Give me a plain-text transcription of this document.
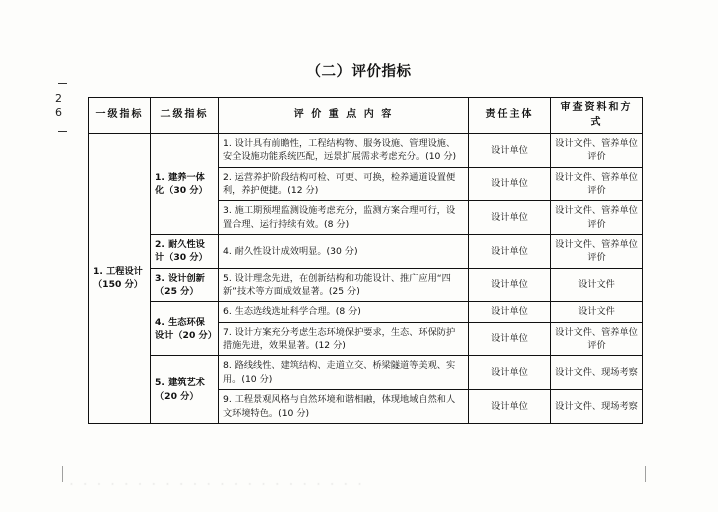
26
（二）评价指标
一级指标	二级指标	评 价 重 点 内 容	责任主体	审查资料和方式
1. 工程设计（150 分）	1. 建养一体化（30 分）	1. 设计具有前瞻性，工程结构物、服务设施、管理设施、安全设施功能系统匹配，远景扩展需求考虑充分。(10 分)	设计单位	设计文件、管养单位评价
		2. 运营养护阶段结构可检、可更、可换，检养通道设置便利，养护便捷。(12 分)	设计单位	设计文件、管养单位评价
		3. 施工期预埋监测设施考虑充分，监测方案合理可行，设置合理、运行持续有效。(8 分)	设计单位	设计文件、管养单位评价
	2. 耐久性设计（30 分）	4. 耐久性设计成效明显。(30 分)	设计单位	设计文件、管养单位评价
	3. 设计创新（25 分）	5. 设计理念先进，在创新结构和功能设计、推广应用“四新”技术等方面成效显著。(25 分)	设计单位	设计文件
	4. 生态环保设计（20 分）	6. 生态选线选址科学合理。(8 分)	设计单位	设计文件
		7. 设计方案充分考虑生态环境保护要求，生态、环保防护措施先进，效果显著。(12 分)	设计单位	设计文件、管养单位评价
	5. 建筑艺术（20 分）	8. 路线线性、建筑结构、走道立交、桥梁隧道等美观、实用。(10 分)	设计单位	设计文件、现场考察
		9. 工程景观风格与自然环境和谐相融，体现地域自然和人文环境特色。(10 分)	设计单位	设计文件、现场考察
· · · · · · · · · · · · · · · · · · · · · ·
